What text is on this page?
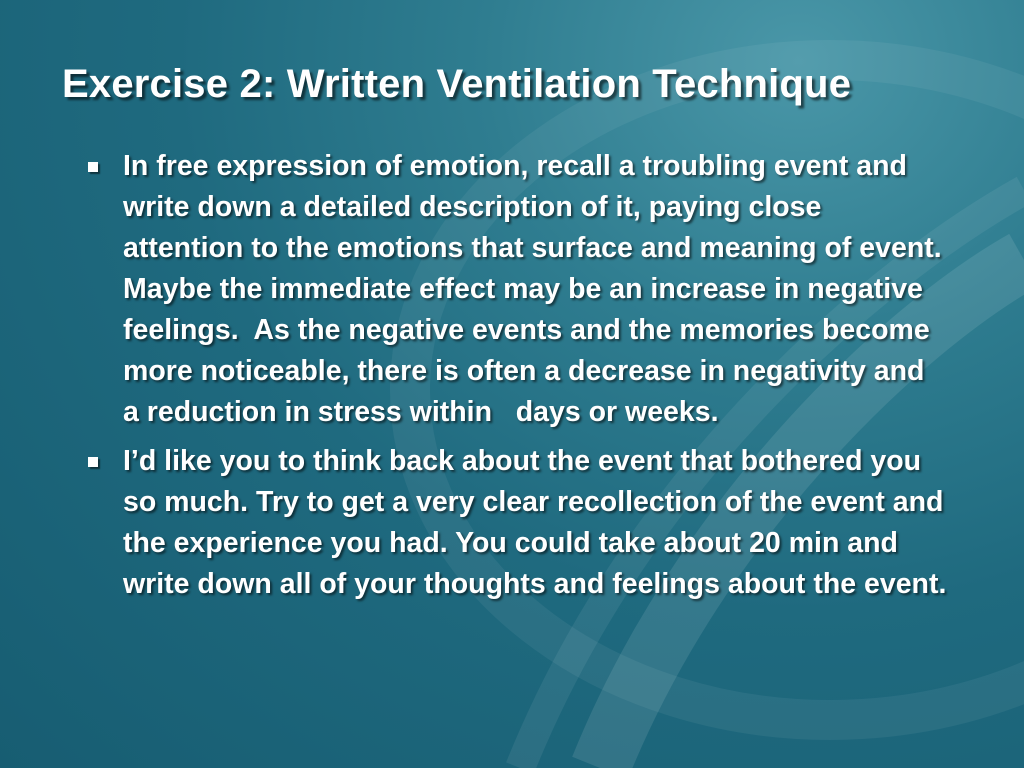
Exercise 2: Written Ventilation Technique
In free expression of emotion, recall a troubling event and write down a detailed description of it, paying close attention to the emotions that surface and meaning of event. Maybe the immediate effect may be an increase in negative feelings.  As the negative events and the memories become more noticeable, there is often a decrease in negativity and a reduction in stress within   days or weeks.
I’d like you to think back about the event that bothered you so much. Try to get a very clear recollection of the event and the experience you had. You could take about 20 min and write down all of your thoughts and feelings about the event.
